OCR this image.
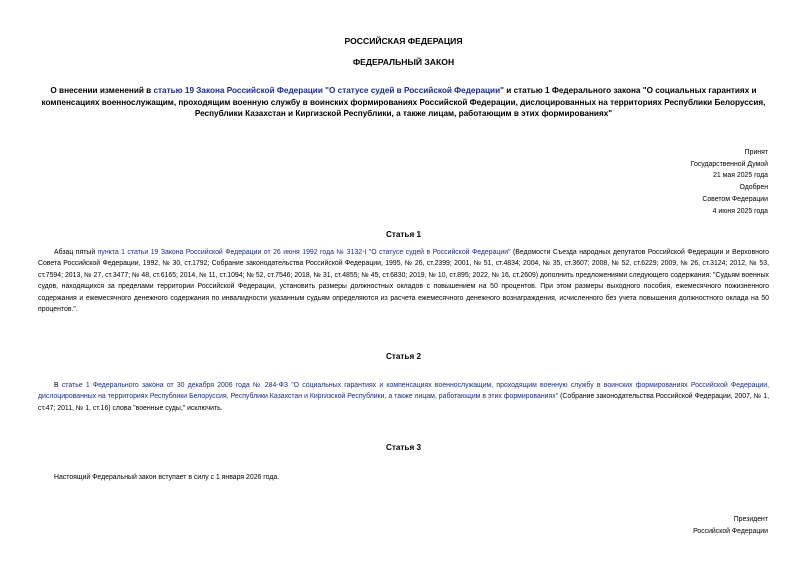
РОССИЙСКАЯ ФЕДЕРАЦИЯ
ФЕДЕРАЛЬНЫЙ ЗАКОН
О внесении изменений в статью 19 Закона Российской Федерации "О статусе судей в Российской Федерации" и статью 1 Федерального закона "О социальных гарантиях и компенсациях военнослужащим, проходящим военную службу в воинских формированиях Российской Федерации, дислоцированных на территориях Республики Белоруссия, Республики Казахстан и Киргизской Республики, а также лицам, работающим в этих формированиях"
Принят
Государственной Думой
21 мая 2025 года
Одобрен
Советом Федерации
4 июня 2025 года
Статья 1
Абзац пятый пункта 1 статьи 19 Закона Российской Федерации от 26 июня 1992 года № 3132-I "О статусе судей в Российской Федерации" (Ведомости Съезда народных депутатов Российской Федерации и Верховного Совета Российской Федерации, 1992, № 30, ст.1792; Собрание законодательства Российской Федерации, 1995, № 26, ст.2399; 2001, № 51, ст.4834; 2004, № 35, ст.3607; 2008, № 52, ст.6229; 2009, № 26, ст.3124; 2012, № 53, ст.7594; 2013, № 27, ст.3477; № 48, ст.6165; 2014, № 11, ст.1094; № 52, ст.7546; 2018, № 31, ст.4855; № 45, ст.6830; 2019, № 10, ст.895; 2022, № 16, ст.2609) дополнить предложениями следующего содержания: "Судьям военных судов, находящихся за пределами территории Российской Федерации, установить размеры должностных окладов с повышением на 50 процентов. При этом размеры выходного пособия, ежемесячного пожизненного содержания и ежемесячного денежного содержания по инвалидности указанным судьям определяются из расчета ежемесячного денежного вознаграждения, исчисленного без учета повышения должностного оклада на 50 процентов.".
Статья 2
В статье 1 Федерального закона от 30 декабря 2006 года № 284-ФЗ "О социальных гарантиях и компенсациях военнослужащим, проходящим военную службу в воинских формированиях Российской Федерации, дислоцированных на территориях Республики Белоруссия, Республики Казахстан и Киргизской Республики, а также лицам, работающим в этих формированиях" (Собрание законодательства Российской Федерации, 2007, № 1, ст.47; 2011, № 1, ст.16) слова "военные суды," исключить.
Статья 3
Настоящий Федеральный закон вступает в силу с 1 января 2026 года.
Президент
Российской Федерации
